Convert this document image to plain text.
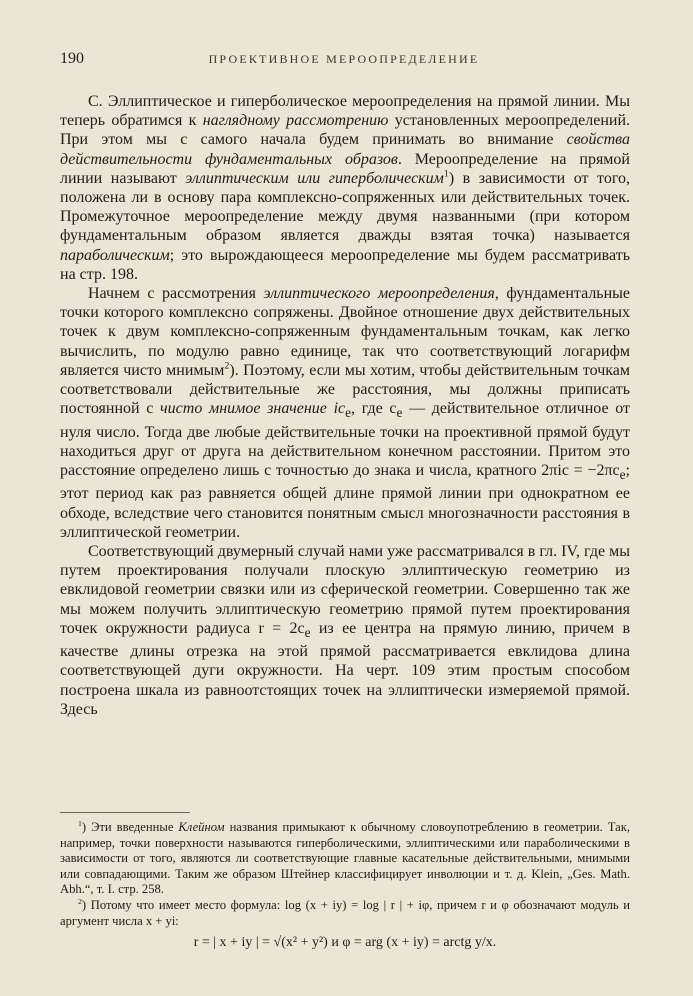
190	ПРОЕКТИВНОЕ МЕРООПРЕДЕЛЕНИЕ

C. Эллиптическое и гиперболическое мероопределения на прямой линии. Мы теперь обратимся к наглядному рассмотрению установленных мероопределений. При этом мы с самого начала будем принимать во внимание свойства действительности фундаментальных образов. Мероопределение на прямой линии называют эллиптическим или гиперболическим$^1$) в зависимости от того, положена ли в основу пара комплексно-сопряженных или действительных точек. Промежуточное мероопределение между двумя названными (при котором фундаментальным образом является дважды взятая точка) называется параболическим; это вырождающееся мероопределение мы будем рассматривать на стр. 198.

Начнем с рассмотрения эллиптического мероопределения, фундаментальные точки которого комплексно сопряжены. Двойное отношение двух действительных точек к двум комплексно-сопряженным фундаментальным точкам, как легко вычислить, по модулю равно единице, так что соответствующий логарифм является чисто мнимым$^2$). Поэтому, если мы хотим, чтобы действительным точкам соответствовали действительные же расстояния, мы должны приписать постоянной c чисто мнимое значение $ic_e$, где $c_e$ — действительное отличное от нуля число. Тогда две любые действительные точки на проективной прямой будут находиться друг от друга на действительном конечном расстоянии. Притом это расстояние определено лишь с точностью до знака и числа, кратного $2\pi ic = -2\pi c_e$; этот период как раз равняется общей длине прямой линии при однократном ее обходе, вследствие чего становится понятным смысл многозначности расстояния в эллиптической геометрии.

Соответствующий двумерный случай нами уже рассматривался в гл. IV, где мы путем проектирования получали плоскую эллиптическую геометрию из евклидовой геометрии связки или из сферической геометрии. Совершенно так же мы можем получить эллиптическую геометрию прямой путем проектирования точек окружности радиуса $r = 2c_e$ из ее центра на прямую линию, причем в качестве длины отрезка на этой прямой рассматривается евклидова длина соответствующей дуги окружности. На черт. 109 этим простым способом построена шкала из равноотстоящих точек на эллиптически измеряемой прямой. Здесь

$^1$) Эти введенные Клейном названия примыкают к обычному словоупотреблению в геометрии. Так, например, точки поверхности называются гиперболическими, эллиптическими или параболическими в зависимости от того, являются ли соответствующие главные касательные действительными, мнимыми или совпадающими. Таким же образом Штейнер классифицирует инволюции и т. д. Klein, „Ges. Math. Abh.“, т. I. стр. 258.

$^2$) Потому что имеет место формула: log (x + iy) = log | r | + iφ, причем r и φ обозначают модуль и аргумент числа x + yi:

r = | x + iy | = √(x² + y²) и φ = arg (x + iy) = arctg y/x.
